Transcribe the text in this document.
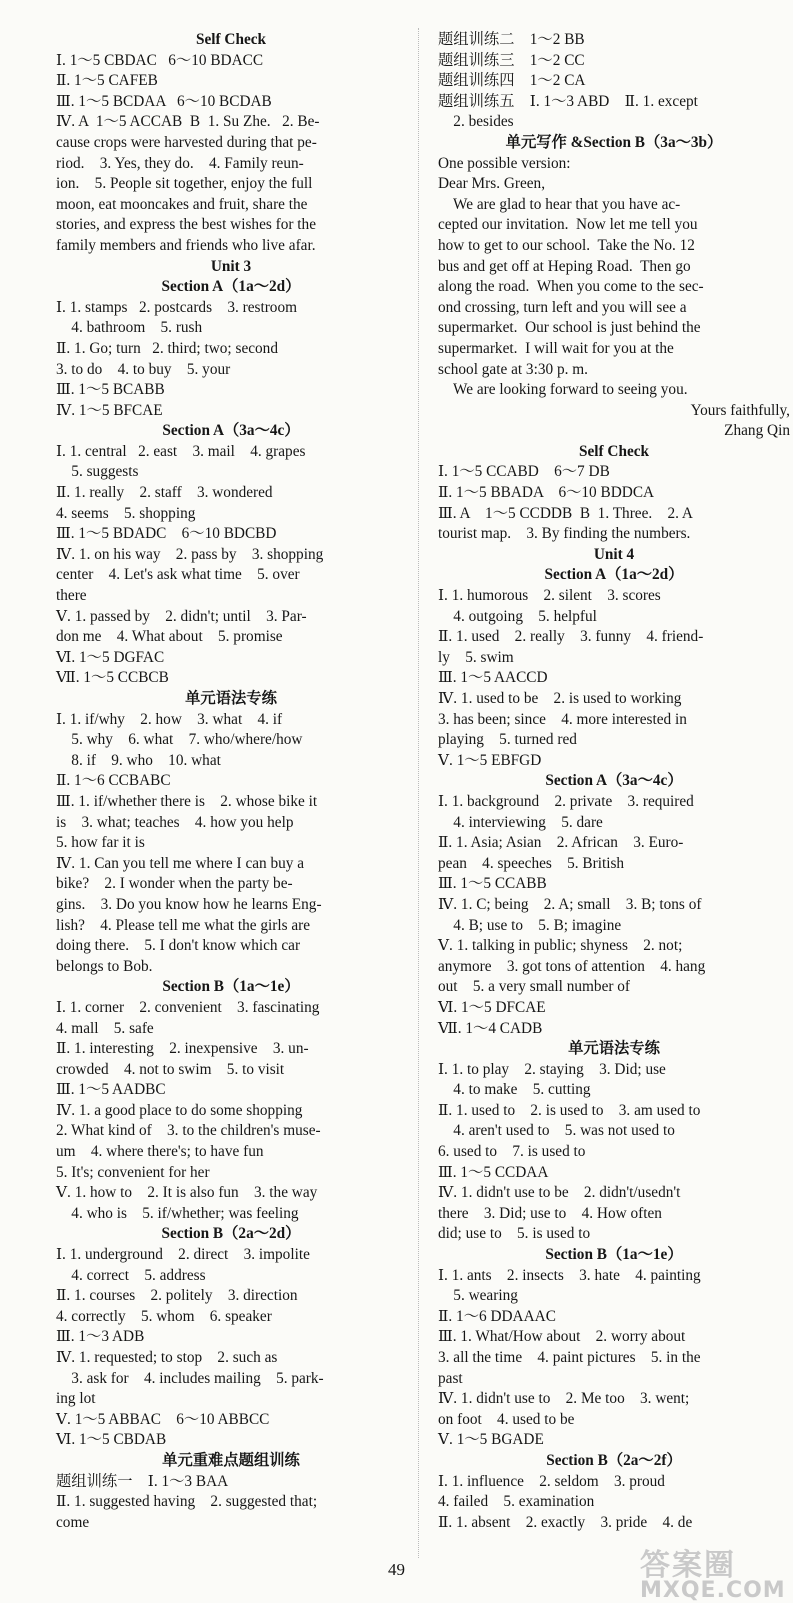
Self Check
Ⅰ. 1～5 CBDAC   6～10 BDACC
Ⅱ. 1～5 CAFEB
Ⅲ. 1～5 BCDAA   6～10 BCDAB
Ⅳ. A  1～5 ACCAB  B  1. Su Zhe.   2. Be-
cause crops were harvested during that pe-
riod.    3. Yes, they do.    4. Family reun-
ion.    5. People sit together, enjoy the full
moon, eat mooncakes and fruit, share the
stories, and express the best wishes for the
family members and friends who live afar.
Unit 3
Section A（1a～2d）
Ⅰ. 1. stamps   2. postcards    3. restroom
4. bathroom    5. rush
Ⅱ. 1. Go; turn   2. third; two; second
3. to do    4. to buy    5. your
Ⅲ. 1～5 BCABB
Ⅳ. 1～5 BFCAE
Section A（3a～4c）
Ⅰ. 1. central   2. east    3. mail    4. grapes
5. suggests
Ⅱ. 1. really    2. staff    3. wondered
4. seems    5. shopping
Ⅲ. 1～5 BDADC    6～10 BDCBD
Ⅳ. 1. on his way    2. pass by    3. shopping
center    4. Let's ask what time    5. over
there
Ⅴ. 1. passed by    2. didn't; until    3. Par-
don me    4. What about    5. promise
Ⅵ. 1～5 DGFAC
Ⅶ. 1～5 CCBCB
单元语法专练
Ⅰ. 1. if/why    2. how    3. what    4. if
5. why    6. what    7. who/where/how
8. if    9. who    10. what
Ⅱ. 1～6 CCBABC
Ⅲ. 1. if/whether there is    2. whose bike it
is    3. what; teaches    4. how you help
5. how far it is
Ⅳ. 1. Can you tell me where I can buy a
bike?    2. I wonder when the party be-
gins.    3. Do you know how he learns Eng-
lish?    4. Please tell me what the girls are
doing there.    5. I don't know which car
belongs to Bob.
Section B（1a～1e）
Ⅰ. 1. corner    2. convenient    3. fascinating
4. mall    5. safe
Ⅱ. 1. interesting    2. inexpensive    3. un-
crowded    4. not to swim    5. to visit
Ⅲ. 1～5 AADBC
Ⅳ. 1. a good place to do some shopping
2. What kind of    3. to the children's muse-
um    4. where there's; to have fun
5. It's; convenient for her
Ⅴ. 1. how to    2. It is also fun    3. the way
4. who is    5. if/whether; was feeling
Section B（2a～2d）
Ⅰ. 1. underground    2. direct    3. impolite
4. correct    5. address
Ⅱ. 1. courses    2. politely    3. direction
4. correctly    5. whom    6. speaker
Ⅲ. 1～3 ADB
Ⅳ. 1. requested; to stop    2. such as
3. ask for    4. includes mailing    5. park-
ing lot
Ⅴ. 1～5 ABBAC    6～10 ABBCC
Ⅵ. 1～5 CBDAB
单元重难点题组训练
题组训练一    Ⅰ. 1～3 BAA
Ⅱ. 1. suggested having    2. suggested that;
come
题组训练二    1～2 BB
题组训练三    1～2 CC
题组训练四    1～2 CA
题组训练五    Ⅰ. 1～3 ABD    Ⅱ. 1. except
2. besides
单元写作 &Section B（3a～3b）
One possible version:
Dear Mrs. Green,
We are glad to hear that you have ac-
cepted our invitation.  Now let me tell you
how to get to our school.  Take the No. 12
bus and get off at Heping Road.  Then go
along the road.  When you come to the sec-
ond crossing, turn left and you will see a
supermarket.  Our school is just behind the
supermarket.  I will wait for you at the
school gate at 3:30 p. m.
We are looking forward to seeing you.
Yours faithfully,
Zhang Qin
Self Check
Ⅰ. 1～5 CCABD    6～7 DB
Ⅱ. 1～5 BBADA    6～10 BDDCA
Ⅲ. A    1～5 CCDDB  B  1. Three.    2. A
tourist map.    3. By finding the numbers.
Unit 4
Section A（1a～2d）
Ⅰ. 1. humorous    2. silent    3. scores
4. outgoing    5. helpful
Ⅱ. 1. used    2. really    3. funny    4. friend-
ly    5. swim
Ⅲ. 1～5 AACCD
Ⅳ. 1. used to be    2. is used to working
3. has been; since    4. more interested in
playing    5. turned red
Ⅴ. 1～5 EBFGD
Section A（3a～4c）
Ⅰ. 1. background    2. private    3. required
4. interviewing    5. dare
Ⅱ. 1. Asia; Asian    2. African    3. Euro-
pean    4. speeches    5. British
Ⅲ. 1～5 CCABB
Ⅳ. 1. C; being    2. A; small    3. B; tons of
4. B; use to    5. B; imagine
Ⅴ. 1. talking in public; shyness    2. not;
anymore    3. got tons of attention    4. hang
out    5. a very small number of
Ⅵ. 1～5 DFCAE
Ⅶ. 1～4 CADB
单元语法专练
Ⅰ. 1. to play    2. staying    3. Did; use
4. to make    5. cutting
Ⅱ. 1. used to    2. is used to    3. am used to
4. aren't used to    5. was not used to
6. used to    7. is used to
Ⅲ. 1～5 CCDAA
Ⅳ. 1. didn't use to be    2. didn't/usedn't
there    3. Did; use to    4. How often
did; use to    5. is used to
Section B（1a～1e）
Ⅰ. 1. ants    2. insects    3. hate    4. painting
5. wearing
Ⅱ. 1～6 DDAAAC
Ⅲ. 1. What/How about    2. worry about
3. all the time    4. paint pictures    5. in the
past
Ⅳ. 1. didn't use to    2. Me too    3. went;
on foot    4. used to be
Ⅴ. 1～5 BGADE
Section B（2a～2f）
Ⅰ. 1. influence    2. seldom    3. proud
4. failed    5. examination
Ⅱ. 1. absent    2. exactly    3. pride    4. de
49	答案圈
MXQE.COM
